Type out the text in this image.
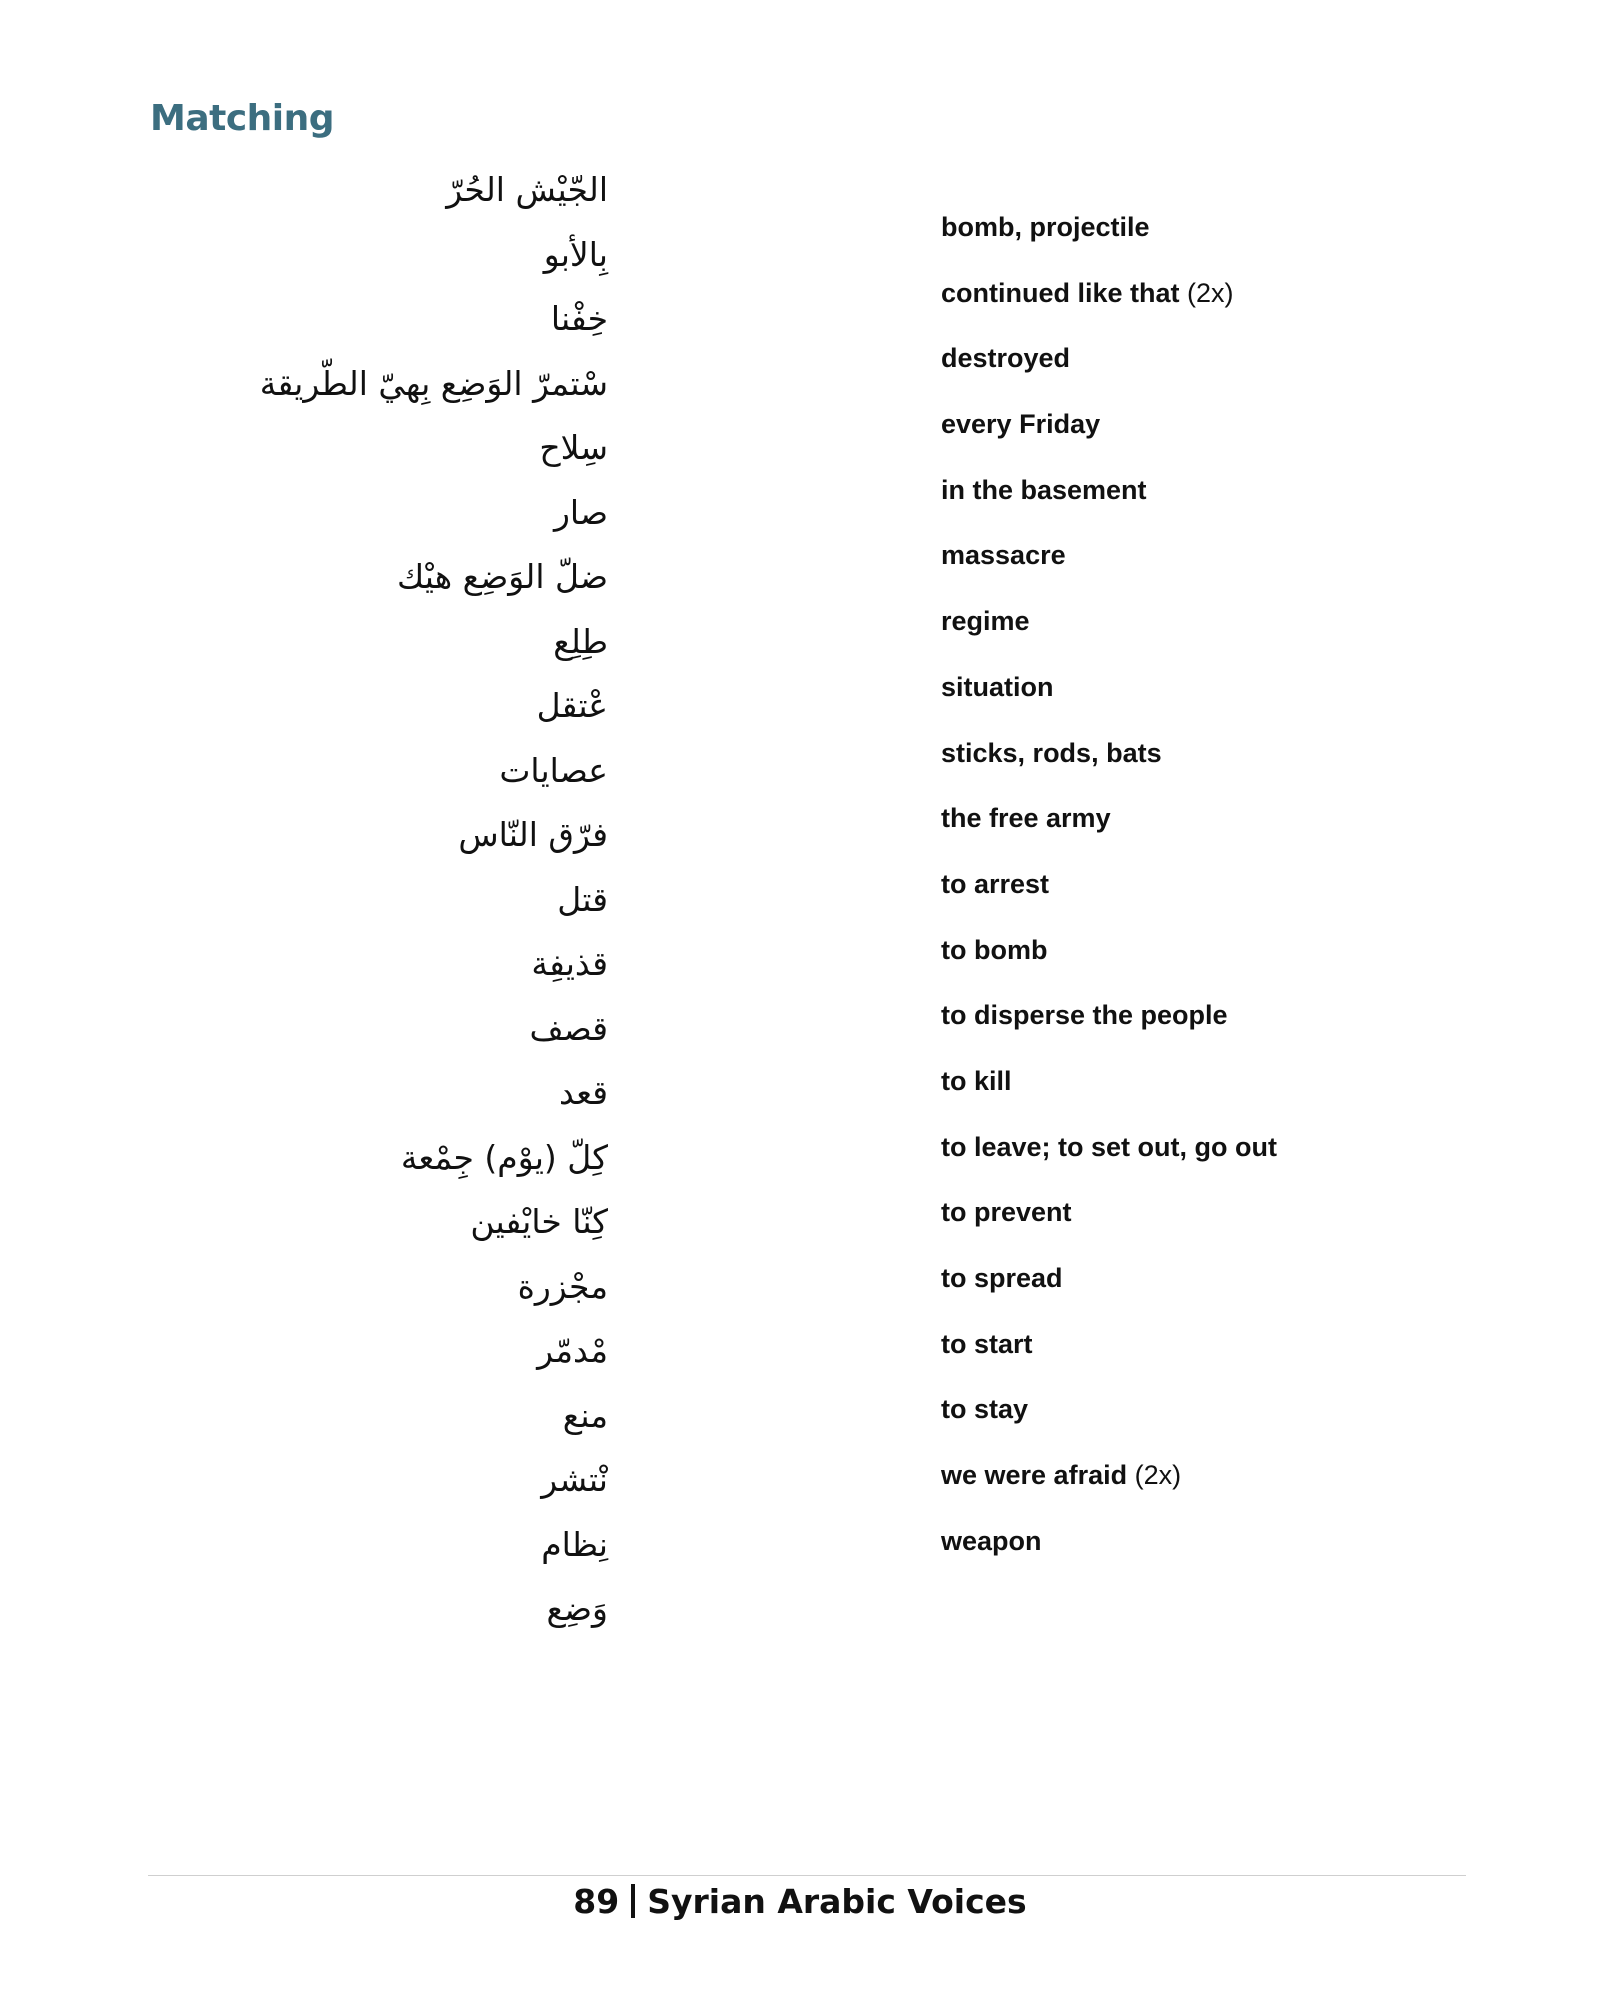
Matching
الجّيْش الحُرّ
بِالأبو
خِفْنا
سْتمرّ الوَضِع بِهيّ الطّريقة
سِلاح
صار
ضلّ الوَضِع هيْك
طِلِع
عْتقل
عصايات
فرّق النّاس
قتل
قذيفِة
قصف
قعد
كِلّ (يوْم) جِمْعة
كِنّا خايْفين
مجْزرة
مْدمّر
منع
نْتشر
نِظام
وَضِع
bomb, projectile
continued like that (2x)
destroyed
every Friday
in the basement
massacre
regime
situation
sticks, rods, bats
the free army
to arrest
to bomb
to disperse the people
to kill
to leave; to set out, go out
to prevent
to spread
to start
to stay
we were afraid (2x)
weapon
89 Syrian Arabic Voices
